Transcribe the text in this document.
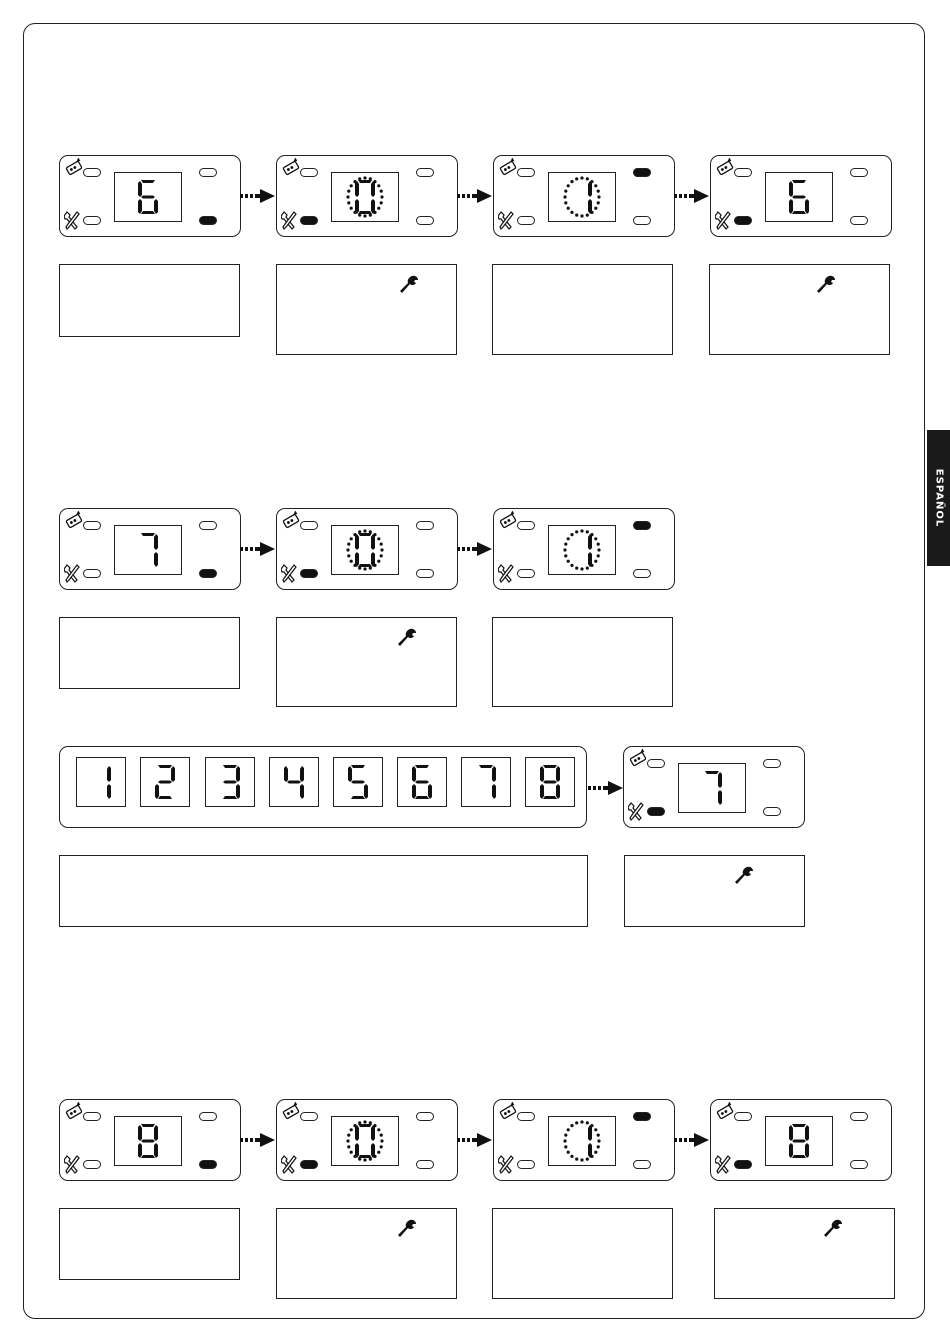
ESPAÑOL
